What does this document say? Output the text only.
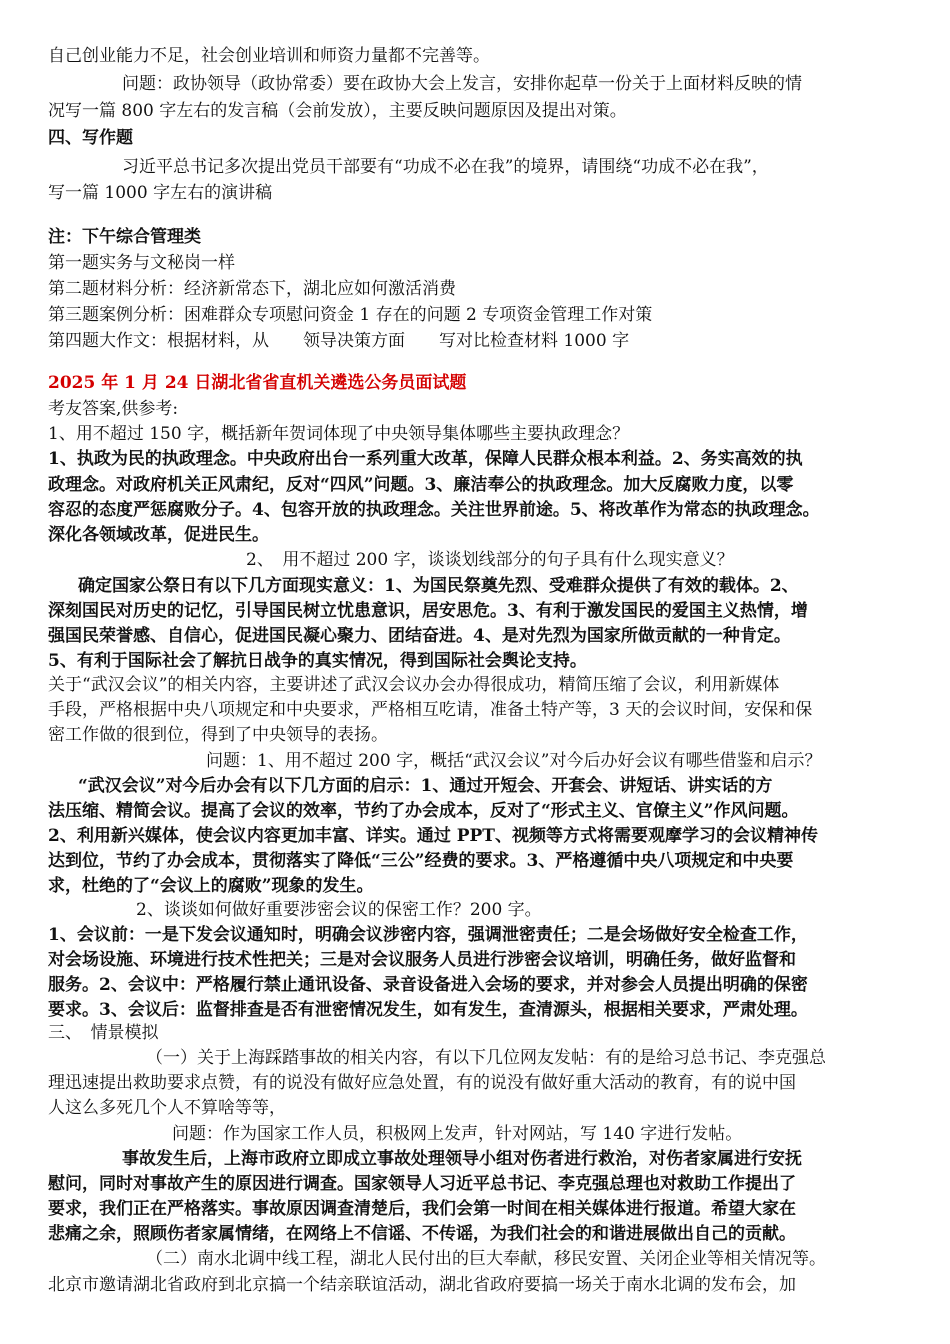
自己创业能力不足，社会创业培训和师资力量都不完善等。
问题：政协领导（政协常委）要在政协大会上发言，安排你起草一份关于上面材料反映的情
况写一篇 800 字左右的发言稿（会前发放），主要反映问题原因及提出对策。
四、写作题
习近平总书记多次提出党员干部要有“功成不必在我”的境界，请围绕“功成不必在我”，
写一篇 1000 字左右的演讲稿
注：下午综合管理类
第一题实务与文秘岗一样
第二题材料分析：经济新常态下，湖北应如何激活消费
第三题案例分析：困难群众专项慰问资金 1 存在的问题 2 专项资金管理工作对策
第四题大作文：根据材料，从　　领导决策方面　　写对比检查材料 1000 字
2025 年 1 月 24 日湖北省省直机关遴选公务员面试题
考友答案,供参考:
1、用不超过 150 字，概括新年贺词体现了中央领导集体哪些主要执政理念？
1、执政为民的执政理念。中央政府出台一系列重大改革，保障人民群众根本利益。2、务实高效的执
政理念。对政府机关正风肃纪，反对“四风”问题。3、廉洁奉公的执政理念。加大反腐败力度，以零
容忍的态度严惩腐败分子。4、包容开放的执政理念。关注世界前途。5、将改革作为常态的执政理念。
深化各领域改革，促进民生。
2、　用不超过 200 字，谈谈划线部分的句子具有什么现实意义？
确定国家公祭日有以下几方面现实意义：1、为国民祭奠先烈、受难群众提供了有效的载体。2、
深刻国民对历史的记忆，引导国民树立忧患意识，居安思危。3、有利于激发国民的爱国主义热情，增
强国民荣誉感、自信心，促进国民凝心聚力、团结奋进。4、是对先烈为国家所做贡献的一种肯定。
5、有利于国际社会了解抗日战争的真实情况，得到国际社会舆论支持。
关于“武汉会议”的相关内容，主要讲述了武汉会议办会办得很成功，精简压缩了会议，利用新媒体
手段，严格根据中央八项规定和中央要求，严格相互吃请，准备土特产等，3 天的会议时间，安保和保
密工作做的很到位，得到了中央领导的表扬。
问题：1、用不超过 200 字，概括“武汉会议”对今后办好会议有哪些借鉴和启示？
“武汉会议”对今后办会有以下几方面的启示：1、通过开短会、开套会、讲短话、讲实话的方
法压缩、精简会议。提高了会议的效率，节约了办会成本，反对了“形式主义、官僚主义”作风问题。
2、利用新兴媒体，使会议内容更加丰富、详实。通过 PPT、视频等方式将需要观摩学习的会议精神传
达到位，节约了办会成本，贯彻落实了降低“三公”经费的要求。3、严格遵循中央八项规定和中央要
求，杜绝的了“会议上的腐败”现象的发生。
2、谈谈如何做好重要涉密会议的保密工作？200 字。
1、会议前：一是下发会议通知时，明确会议涉密内容，强调泄密责任；二是会场做好安全检查工作，
对会场设施、环境进行技术性把关；三是对会议服务人员进行涉密会议培训，明确任务，做好监督和
服务。2、会议中：严格履行禁止通讯设备、录音设备进入会场的要求，并对参会人员提出明确的保密
要求。3、会议后：监督排查是否有泄密情况发生，如有发生，查清源头，根据相关要求，严肃处理。
三、　情景模拟
（一）关于上海踩踏事故的相关内容，有以下几位网友发帖：有的是给习总书记、李克强总
理迅速提出救助要求点赞，有的说没有做好应急处置，有的说没有做好重大活动的教育，有的说中国
人这么多死几个人不算啥等等，
问题：作为国家工作人员，积极网上发声，针对网站，写 140 字进行发帖。
事故发生后，上海市政府立即成立事故处理领导小组对伤者进行救治，对伤者家属进行安抚
慰问，同时对事故产生的原因进行调查。国家领导人习近平总书记、李克强总理也对救助工作提出了
要求，我们正在严格落实。事故原因调查清楚后，我们会第一时间在相关媒体进行报道。希望大家在
悲痛之余，照顾伤者家属情绪，在网络上不信谣、不传谣，为我们社会的和谐进展做出自己的贡献。
（二）南水北调中线工程，湖北人民付出的巨大奉献，移民安置、关闭企业等相关情况等。
北京市邀请湖北省政府到北京搞一个结亲联谊活动，湖北省政府要搞一场关于南水北调的发布会，加
